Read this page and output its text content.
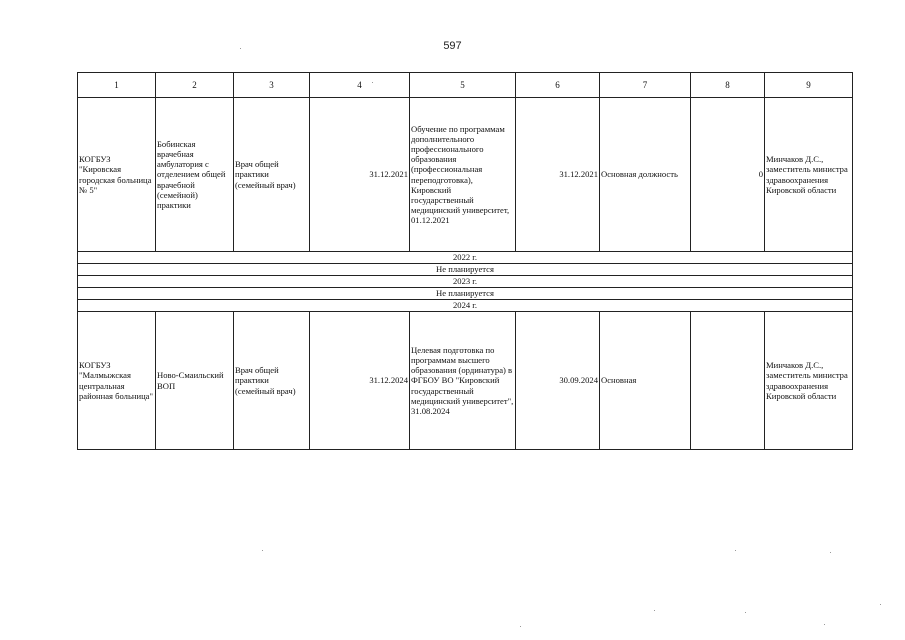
597
1	2	3	4	5	6	7	8	9
КОГБУЗ "Кировская городская больница № 5"	Бобинская врачебная амбулатория с отделением общей врачебной (семейной) практики	Врач общей практики (семейный врач)	31.12.2021	Обучение по программам дополнительного профессионального образования (профессиональная переподготовка), Кировский государственный медицинский университет, 01.12.2021	31.12.2021	Основная должность	0	Минчаков Д.С., заместитель министра здравоохранения Кировской области
2022 г.								
Не планируется								
2023 г.								
Не планируется								
2024 г.								
КОГБУЗ "Малмыжская центральная районная больница"	Ново-Смаильский ВОП	Врач общей практики (семейный врач)	31.12.2024	Целевая подготовка по программам высшего образования (ординатура) в ФГБОУ ВО "Кировский государственный медицинский университет", 31.08.2024	30.09.2024	Основная		Минчаков Д.С., заместитель министра здравоохранения Кировской области
